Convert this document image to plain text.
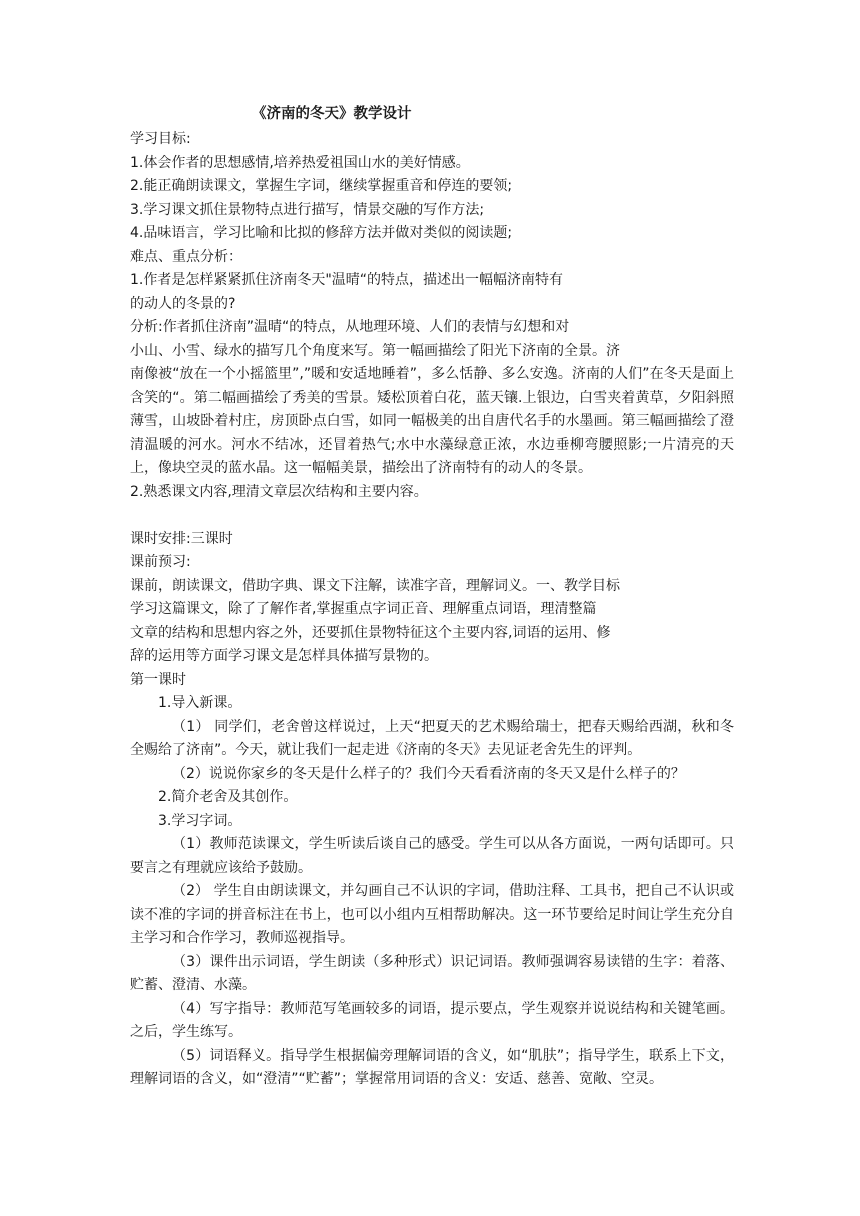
《济南的冬天》教学设计

学习目标:

1.体会作者的思想感情,培养热爱祖国山水的美好情感。

2.能正确朗读课文，掌握生字词，继续掌握重音和停连的要领;

3.学习课文抓住景物特点进行描写，情景交融的写作方法;

4.品味语言，学习比喻和比拟的修辞方法并做对类似的阅读题;

难点、重点分析：

1.作者是怎样紧紧抓住济南冬天"温晴“的特点，描述出一幅幅济南特有

的动人的冬景的?

分析:作者抓住济南”温晴“的特点，从地理环境、人们的表情与幻想和对

小山、小雪、绿水的描写几个角度来写。第一幅画描绘了阳光下济南的全景。济

南像被“放在一个小摇篮里”,”暖和安适地睡着”，多么恬静、多么安逸。济南的人们”在冬天是面上含笑的“。第二幅画描绘了秀美的雪景。矮松顶着白花，蓝天镶.上银边，白雪夹着黄草，夕阳斜照薄雪，山坡卧着村庄，房顶卧点白雪，如同一幅极美的出自唐代名手的水墨画。第三幅画描绘了澄清温暖的河水。河水不结冰，还冒着热气;水中水藻绿意正浓，水边垂柳弯腰照影;一片清亮的天上，像块空灵的蓝水晶。这一幅幅美景，描绘出了济南特有的动人的冬景。

2.熟悉课文内容,理清文章层次结构和主要内容。

课时安排:三课时

课前预习:

课前，朗读课文，借助字典、课文下注解，读准字音，理解词义。一、教学目标

学习这篇课文，除了了解作者,掌握重点字词正音、理解重点词语，理清整篇

文章的结构和思想内容之外，还要抓住景物特征这个主要内容,词语的运用、修

辞的运用等方面学习课文是怎样具体描写景物的。

第一课时

1.导入新课。

（1） 同学们，老舍曾这样说过，上天“把夏天的艺术赐给瑞士，把春天赐给西湖，秋和冬全赐给了济南”。今天，就让我们一起走进《济南的冬天》去见证老舍先生的评判。

（2）说说你家乡的冬天是什么样子的？我们今天看看济南的冬天又是什么样子的？

2.简介老舍及其创作。

3.学习字词。

（1）教师范读课文，学生听读后谈自己的感受。学生可以从各方面说，一两句话即可。只要言之有理就应该给予鼓励。

（2） 学生自由朗读课文，并勾画自己不认识的字词，借助注释、工具书，把自己不认识或读不准的字词的拼音标注在书上，也可以小组内互相帮助解决。这一环节要给足时间让学生充分自主学习和合作学习，教师巡视指导。

（3）课件出示词语，学生朗读（多种形式）识记词语。教师强调容易读错的生字：着落、贮蓄、澄清、水藻。

（4）写字指导：教师范写笔画较多的词语，提示要点，学生观察并说说结构和关键笔画。之后，学生练写。

（5）词语释义。指导学生根据偏旁理解词语的含义，如“肌肤”；指导学生，联系上下文， 理解词语的含义，如“澄清”“贮蓄”；掌握常用词语的含义：安适、慈善、宽敞、空灵。
